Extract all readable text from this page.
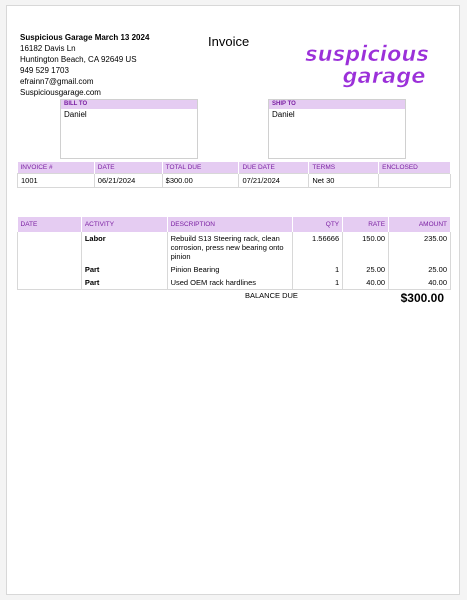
Suspicious Garage March 13 2024
16182 Davis Ln
Huntington Beach, CA 92649 US
949 529 1703
efrainn7@gmail.com
Suspiciousgarage.com
Invoice
suspicious
garage
BILL TO
Daniel
SHIP TO
Daniel
INVOICE #	DATE	TOTAL DUE	DUE DATE	TERMS	ENCLOSED
1001	06/21/2024	$300.00	07/21/2024	Net 30	
DATE	ACTIVITY	DESCRIPTION	QTY	RATE	AMOUNT
	Labor	Rebuild S13 Steering rack, clean corrosion, press new bearing onto pinion	1.56666	150.00	235.00
	Part	Pinion Bearing	1	25.00	25.00
	Part	Used OEM rack hardlines	1	40.00	40.00
BALANCE DUE	$300.00
